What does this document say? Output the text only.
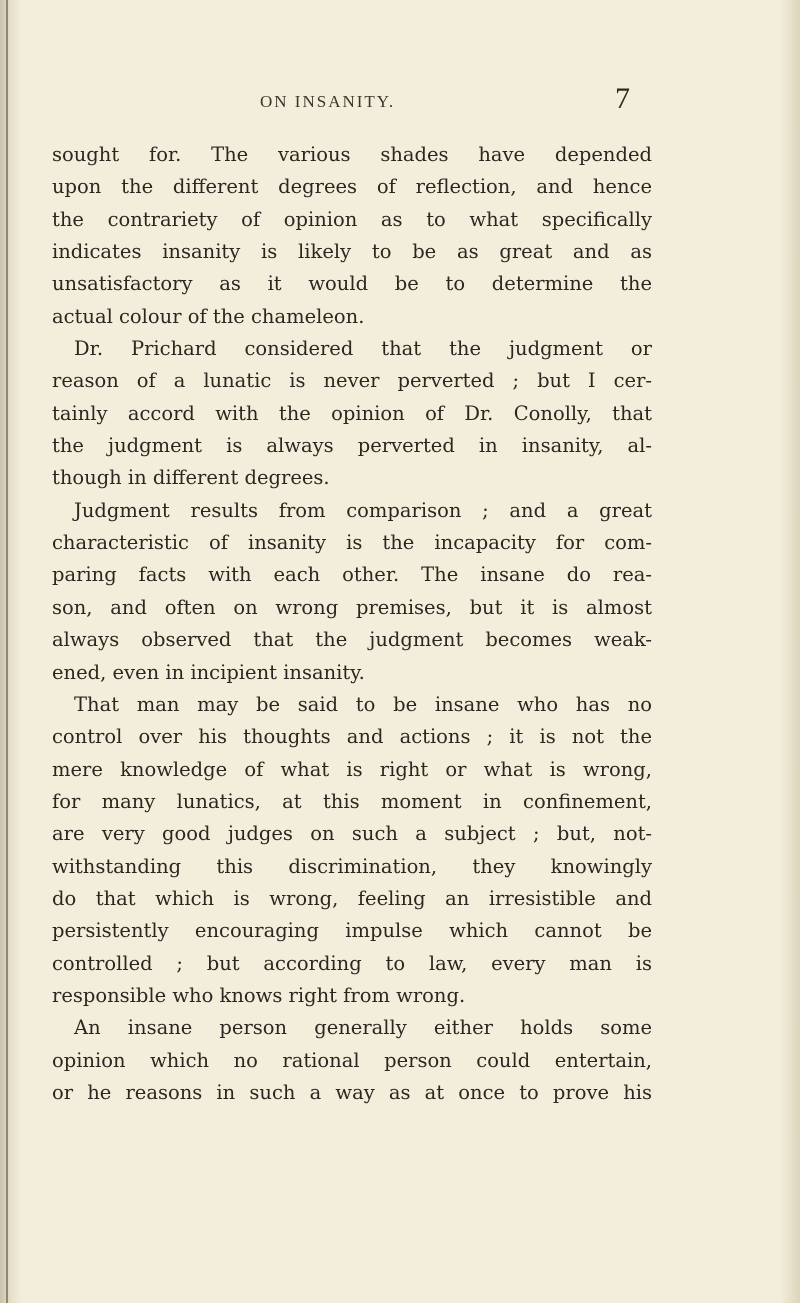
ON INSANITY.	7
sought for. The various shades have depended
upon the different degrees of reflection, and hence
the contrariety of opinion as to what specifically
indicates insanity is likely to be as great and as
unsatisfactory as it would be to determine the
actual colour of the chameleon.
Dr. Prichard considered that the judgment or
reason of a lunatic is never perverted ; but I cer-
tainly accord with the opinion of Dr. Conolly, that
the judgment is always perverted in insanity, al-
though in different degrees.
Judgment results from comparison ; and a great
characteristic of insanity is the incapacity for com-
paring facts with each other. The insane do rea-
son, and often on wrong premises, but it is almost
always observed that the judgment becomes weak-
ened, even in incipient insanity.
That man may be said to be insane who has no
control over his thoughts and actions ; it is not the
mere knowledge of what is right or what is wrong,
for many lunatics, at this moment in confinement,
are very good judges on such a subject ; but, not-
withstanding this discrimination, they knowingly
do that which is wrong, feeling an irresistible and
persistently encouraging impulse which cannot be
controlled ; but according to law, every man is
responsible who knows right from wrong.
An insane person generally either holds some
opinion which no rational person could entertain,
or he reasons in such a way as at once to prove his
